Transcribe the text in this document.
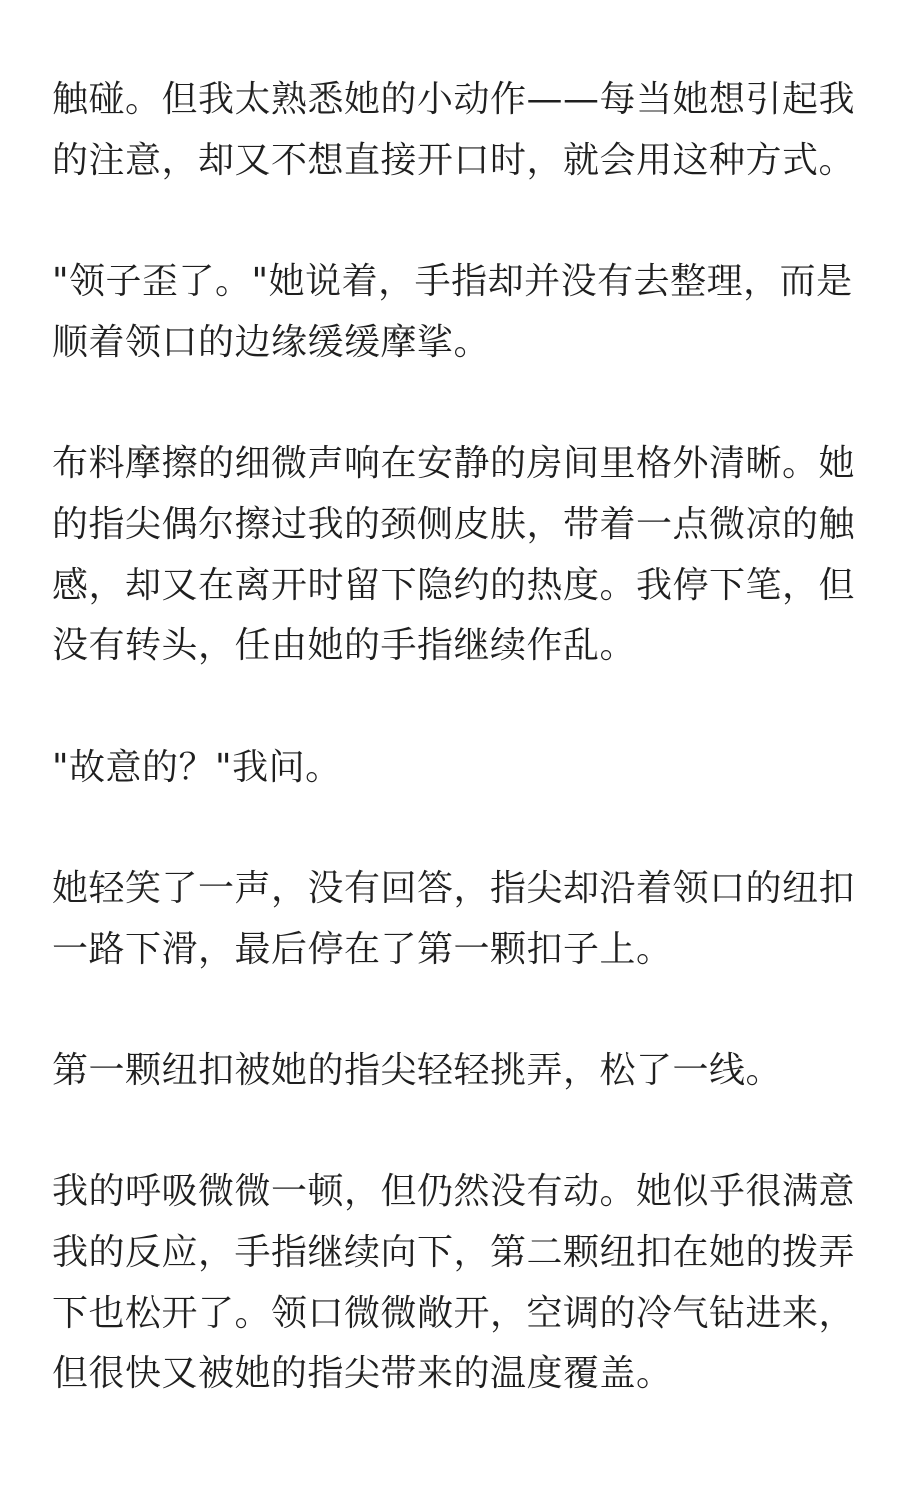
触碰。但我太熟悉她的小动作——每当她想引起我
的注意，却又不想直接开口时，就会用这种方式。
"领子歪了。"她说着，手指却并没有去整理，而是
顺着领口的边缘缓缓摩挲。
布料摩擦的细微声响在安静的房间里格外清晰。她
的指尖偶尔擦过我的颈侧皮肤，带着一点微凉的触
感，却又在离开时留下隐约的热度。我停下笔，但
没有转头，任由她的手指继续作乱。
"故意的？"我问。
她轻笑了一声，没有回答，指尖却沿着领口的纽扣
一路下滑，最后停在了第一颗扣子上。
第一颗纽扣被她的指尖轻轻挑弄，松了一线。
我的呼吸微微一顿，但仍然没有动。她似乎很满意
我的反应，手指继续向下，第二颗纽扣在她的拨弄
下也松开了。领口微微敞开，空调的冷气钻进来，
但很快又被她的指尖带来的温度覆盖。
